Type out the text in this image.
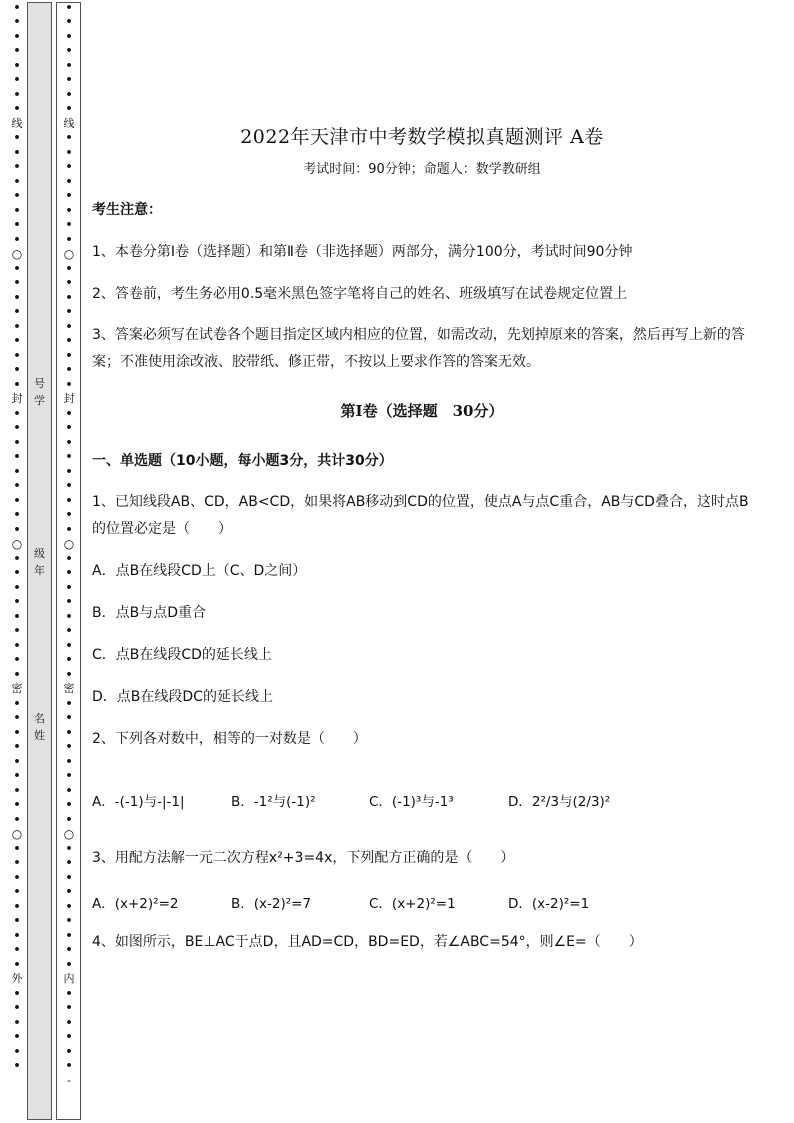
•
•
•
•
•
•
•
•
线
•
•
•
•
•
•
•
•
○
•
•
•
•
•
•
•
•
•
封
•
•
•
•
•
•
•
•
•
○
•
•
•
•
•
•
•
•
•
密
•
•
•
•
•
•
•
•
•
○
•
•
•
•
•
•
•
•
•
外
•
•
•
•
•
•
•
•
•
•
•
•
•
•
线
•
•
•
•
•
•
•
•
○
•
•
•
•
•
•
•
•
•
封
•
•
•
•
•
•
•
•
•
○
•
•
•
•
•
•
•
•
•
密
•
•
•
•
•
•
•
•
•
○
•
•
•
•
•
•
•
•
•
内
•
•
•
•
•
•
-
号
学
级
年
名
姓
2022年天津市中考数学模拟真题测评 A卷
考试时间：90分钟；命题人：数学教研组
考生注意：
1、本卷分第Ⅰ卷（选择题）和第Ⅱ卷（非选择题）两部分，满分100分，考试时间90分钟
2、答卷前，考生务必用0.5毫米黑色签字笔将自己的姓名、班级填写在试卷规定位置上
3、答案必须写在试卷各个题目指定区域内相应的位置，如需改动，先划掉原来的答案，然后再写上新的答案；不准使用涂改液、胶带纸、修正带，不按以上要求作答的答案无效。
第Ⅰ卷（选择题　30分）
一、单选题（10小题，每小题3分，共计30分）
1、已知线段AB、CD，AB<CD，如果将AB移动到CD的位置，使点A与点C重合，AB与CD叠合，这时点B的位置必定是（　　）
A．点B在线段CD上（C、D之间）
B．点B与点D重合
C．点B在线段CD的延长线上
D．点B在线段DC的延长线上
2、下列各对数中，相等的一对数是（　　）
A．-(-1)与-|-1|	B．-1²与(-1)²	C．(-1)³与-1³	D．2²/3与(2/3)²
3、用配方法解一元二次方程x²+3=4x，下列配方正确的是（　　）
A．(x+2)²=2	B．(x-2)²=7	C．(x+2)²=1	D．(x-2)²=1
4、如图所示，BE⊥AC于点D，且AD=CD，BD=ED，若∠ABC=54°，则∠E=（　　）
